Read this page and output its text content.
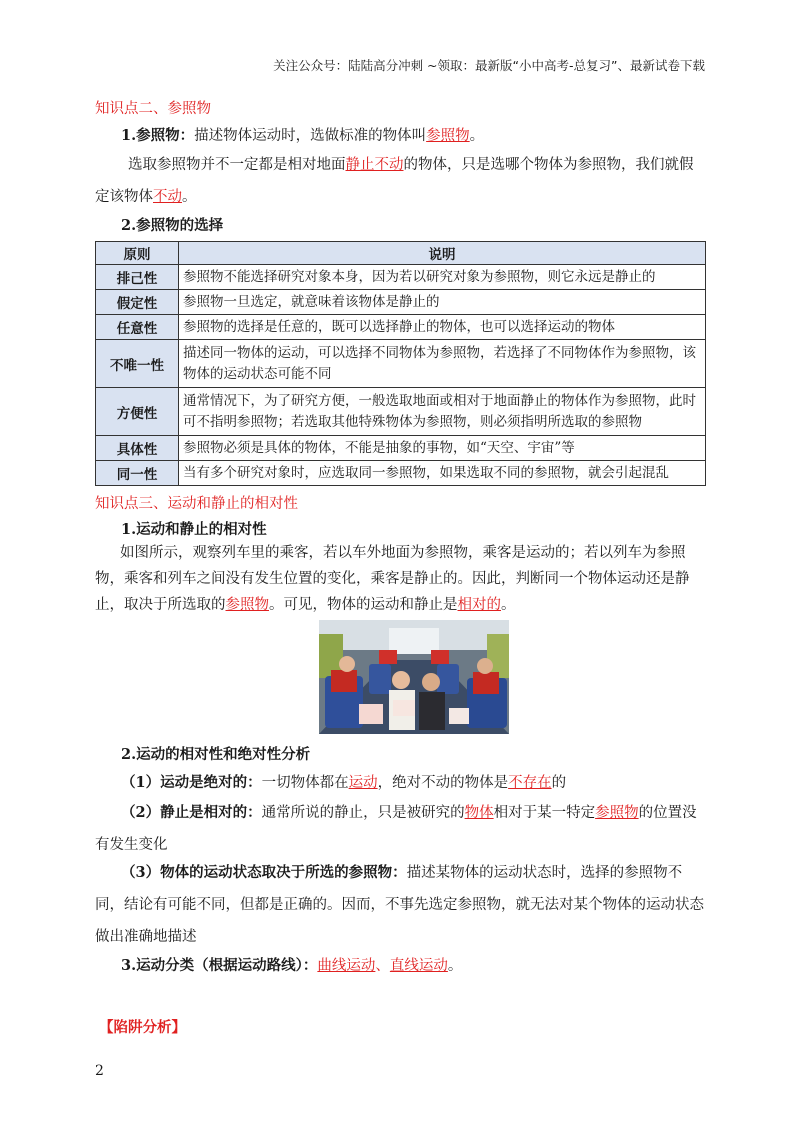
关注公众号：陆陆高分冲刺 ~领取：最新版“小中高考-总复习”、最新试卷下载
知识点二、参照物
1.参照物：描述物体运动时，选做标准的物体叫参照物。
选取参照物并不一定都是相对地面静止不动的物体，只是选哪个物体为参照物，我们就假定该物体不动。
2.参照物的选择
原则	说明
排己性	参照物不能选择研究对象本身，因为若以研究对象为参照物，则它永远是静止的
假定性	参照物一旦选定，就意味着该物体是静止的
任意性	参照物的选择是任意的，既可以选择静止的物体，也可以选择运动的物体
不唯一性	描述同一物体的运动，可以选择不同物体为参照物，若选择了不同物体作为参照物，该物体的运动状态可能不同
方便性	通常情况下，为了研究方便，一般选取地面或相对于地面静止的物体作为参照物，此时可不指明参照物；若选取其他特殊物体为参照物，则必须指明所选取的参照物
具体性	参照物必须是具体的物体，不能是抽象的事物，如“天空、宇宙”等
同一性	当有多个研究对象时，应选取同一参照物，如果选取不同的参照物，就会引起混乱
知识点三、运动和静止的相对性
1.运动和静止的相对性
如图所示，观察列车里的乘客，若以车外地面为参照物，乘客是运动的；若以列车为参照物，乘客和列车之间没有发生位置的变化，乘客是静止的。因此，判断同一个物体运动还是静止，取决于所选取的参照物。可见，物体的运动和静止是相对的。
2.运动的相对性和绝对性分析
（1）运动是绝对的：一切物体都在运动，绝对不动的物体是不存在的
（2）静止是相对的：通常所说的静止，只是被研究的物体相对于某一特定参照物的位置没有发生变化
（3）物体的运动状态取决于所选的参照物：描述某物体的运动状态时，选择的参照物不同，结论有可能不同，但都是正确的。因而，不事先选定参照物，就无法对某个物体的运动状态做出准确地描述
3.运动分类（根据运动路线）：曲线运动、直线运动。
【陷阱分析】
2
